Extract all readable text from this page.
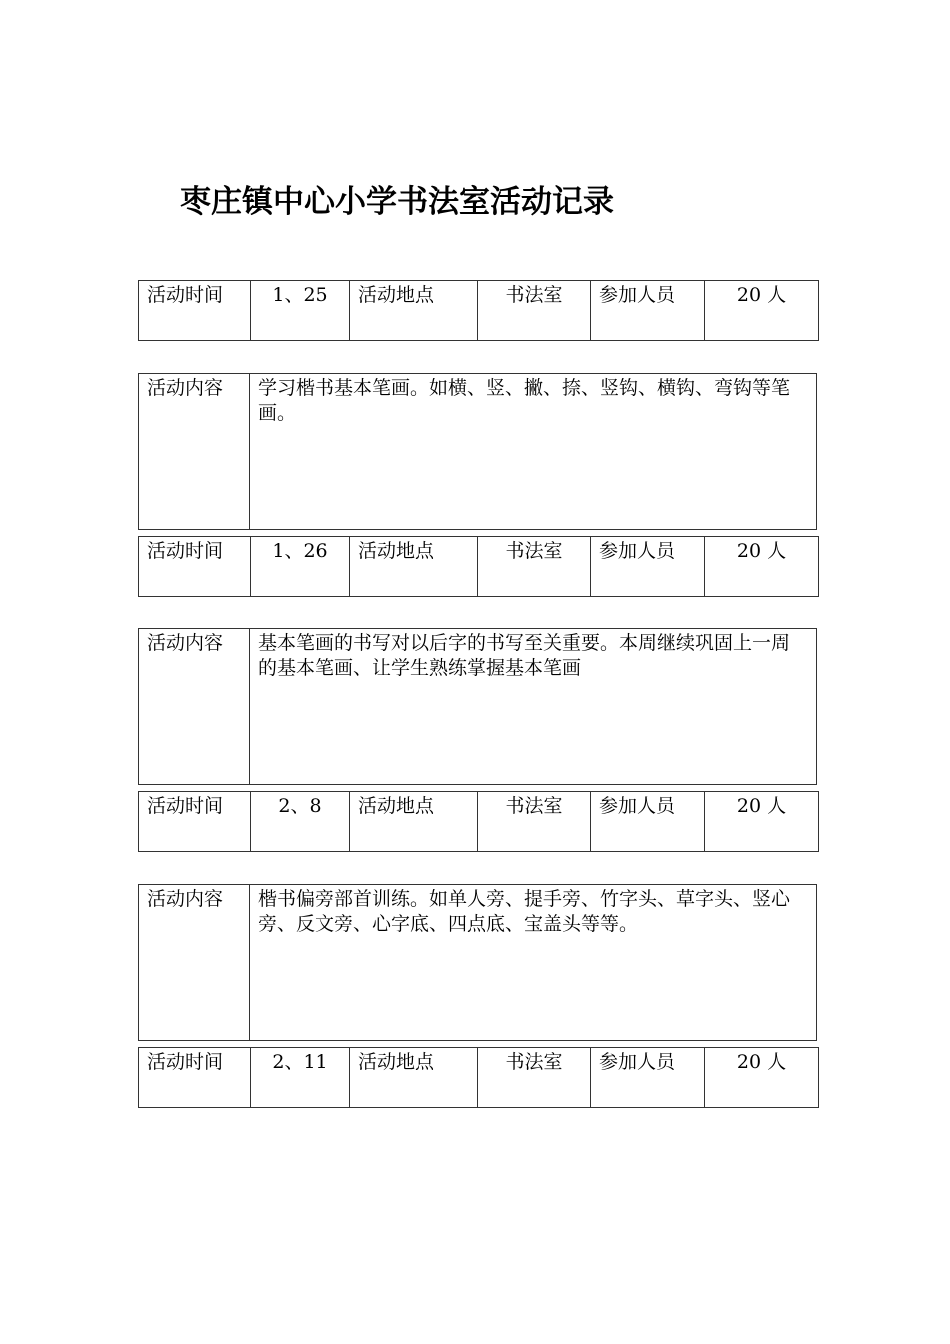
枣庄镇中心小学书法室活动记录
活动时间	1、25	活动地点	书法室	参加人员	20 人
活动内容	学习楷书基本笔画。如横、竖、撇、捺、竖钩、横钩、弯钩等笔画。
活动时间	1、26	活动地点	书法室	参加人员	20 人
活动内容	基本笔画的书写对以后字的书写至关重要。本周继续巩固上一周的基本笔画、让学生熟练掌握基本笔画
活动时间	2、8	活动地点	书法室	参加人员	20 人
活动内容	楷书偏旁部首训练。如单人旁、提手旁、竹字头、草字头、竖心旁、反文旁、心字底、四点底、宝盖头等等。
活动时间	2、11	活动地点	书法室	参加人员	20 人
